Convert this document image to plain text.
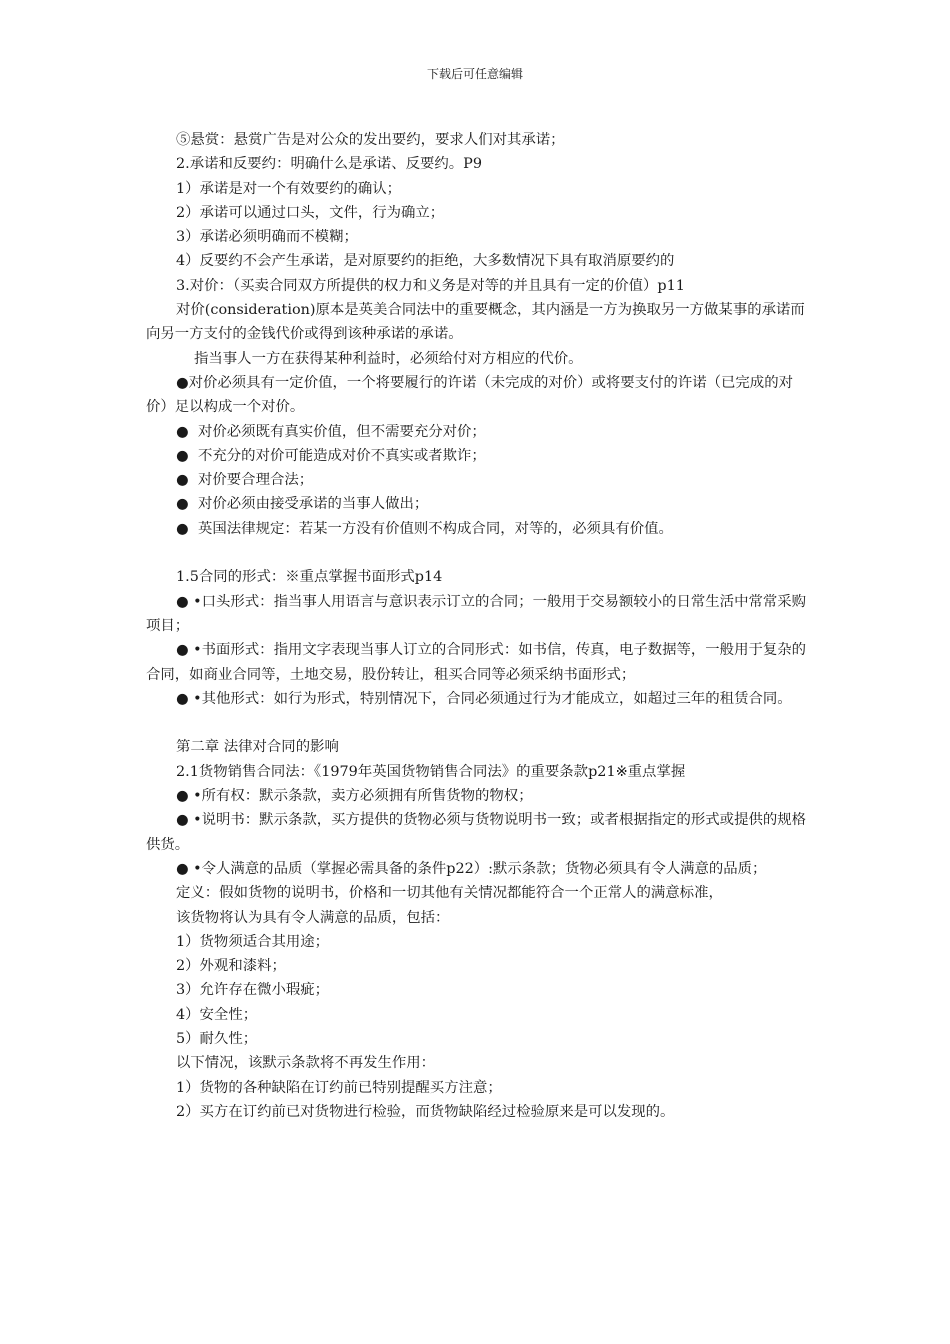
下载后可任意编辑

⑤悬赏：悬赏广告是对公众的发出要约，要求人们对其承诺；

2.承诺和反要约：明确什么是承诺、反要约。P9

1）承诺是对一个有效要约的确认；

2）承诺可以通过口头，文件，行为确立；

3）承诺必须明确而不模糊；

4）反要约不会产生承诺，是对原要约的拒绝，大多数情况下具有取消原要约的

3.对价：（买卖合同双方所提供的权力和义务是对等的并且具有一定的价值）p11

对价(consideration)原本是英美合同法中的重要概念，其内涵是一方为换取另一方做某事的承诺而向另一方支付的金钱代价或得到该种承诺的承诺。

指当事人一方在获得某种利益时，必须给付对方相应的代价。

●对价必须具有一定价值，一个将要履行的许诺（未完成的对价）或将要支付的许诺（已完成的对价）足以构成一个对价。

● 对价必须既有真实价值，但不需要充分对价；

● 不充分的对价可能造成对价不真实或者欺诈；

● 对价要合理合法；

● 对价必须由接受承诺的当事人做出；

● 英国法律规定：若某一方没有价值则不构成合同，对等的，必须具有价值。

1.5合同的形式：※重点掌握书面形式p14

● •口头形式：指当事人用语言与意识表示订立的合同；一般用于交易额较小的日常生活中常常采购项目；

● •书面形式：指用文字表现当事人订立的合同形式：如书信，传真，电子数据等，一般用于复杂的合同，如商业合同等，土地交易，股份转让，租买合同等必须采纳书面形式；

● •其他形式：如行为形式，特别情况下，合同必须通过行为才能成立，如超过三年的租赁合同。

第二章 法律对合同的影响

2.1货物销售合同法：《1979年英国货物销售合同法》的重要条款p21※重点掌握

● •所有权：默示条款，卖方必须拥有所售货物的物权；

● •说明书：默示条款，买方提供的货物必须与货物说明书一致；或者根据指定的形式或提供的规格供货。

● •令人满意的品质（掌握必需具备的条件p22）:默示条款；货物必须具有令人满意的品质；

定义：假如货物的说明书，价格和一切其他有关情况都能符合一个正常人的满意标准，

该货物将认为具有令人满意的品质，包括：

1）货物须适合其用途；

2）外观和漆料；

3）允许存在微小瑕疵；

4）安全性；

5）耐久性；

以下情况，该默示条款将不再发生作用：

1）货物的各种缺陷在订约前已特别提醒买方注意；

2）买方在订约前已对货物进行检验，而货物缺陷经过检验原来是可以发现的。
